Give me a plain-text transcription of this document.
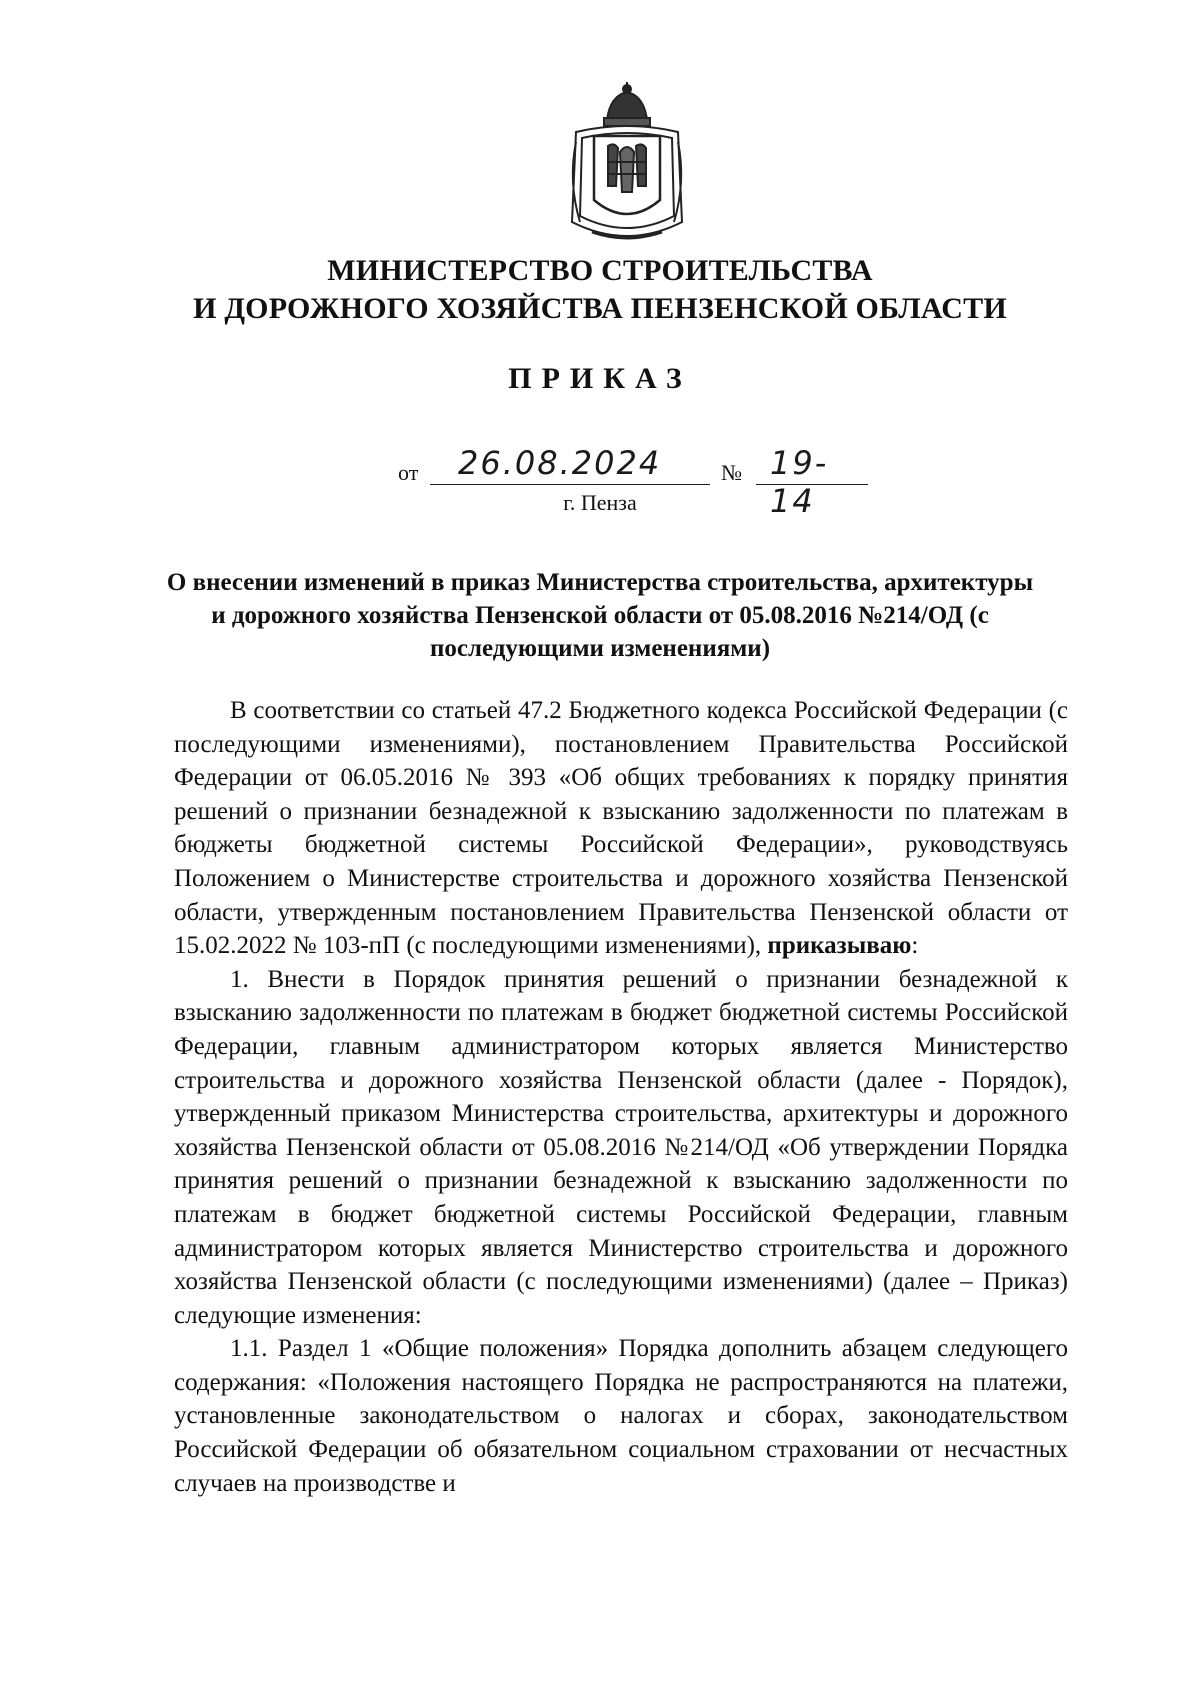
МИНИСТЕРСТВО СТРОИТЕЛЬСТВА
И ДОРОЖНОГО ХОЗЯЙСТВА ПЕНЗЕНСКОЙ ОБЛАСТИ
ПРИКАЗ
от 26.08.2024	№ 19-14
г. Пенза
О внесении изменений в приказ Министерства строительства, архитектуры и дорожного хозяйства Пензенской области от 05.08.2016 №214/ОД (с последующими изменениями)

В соответствии со статьей 47.2 Бюджетного кодекса Российской Федерации (с последующими изменениями), постановлением Правительства Российской Федерации от 06.05.2016 № 393 «Об общих требованиях к порядку принятия решений о признании безнадежной к взысканию задолженности по платежам в бюджеты бюджетной системы Российской Федерации», руководствуясь Положением о Министерстве строительства и дорожного хозяйства Пензенской области, утвержденным постановлением Правительства Пензенской области от 15.02.2022 № 103-пП (с последующими изменениями), приказываю:

1. Внести в Порядок принятия решений о признании безнадежной к взысканию задолженности по платежам в бюджет бюджетной системы Российской Федерации, главным администратором которых является Министерство строительства и дорожного хозяйства Пензенской области (далее - Порядок), утвержденный приказом Министерства строительства, архитектуры и дорожного хозяйства Пензенской области от 05.08.2016 №214/ОД «Об утверждении Порядка принятия решений о признании безнадежной к взысканию задолженности по платежам в бюджет бюджетной системы Российской Федерации, главным администратором которых является Министерство строительства и дорожного хозяйства Пензенской области (с последующими изменениями) (далее – Приказ) следующие изменения:

1.1. Раздел 1 «Общие положения» Порядка дополнить абзацем следующего содержания: «Положения настоящего Порядка не распространяются на платежи, установленные законодательством о налогах и сборах, законодательством Российской Федерации об обязательном социальном страховании от несчастных случаев на производстве и
